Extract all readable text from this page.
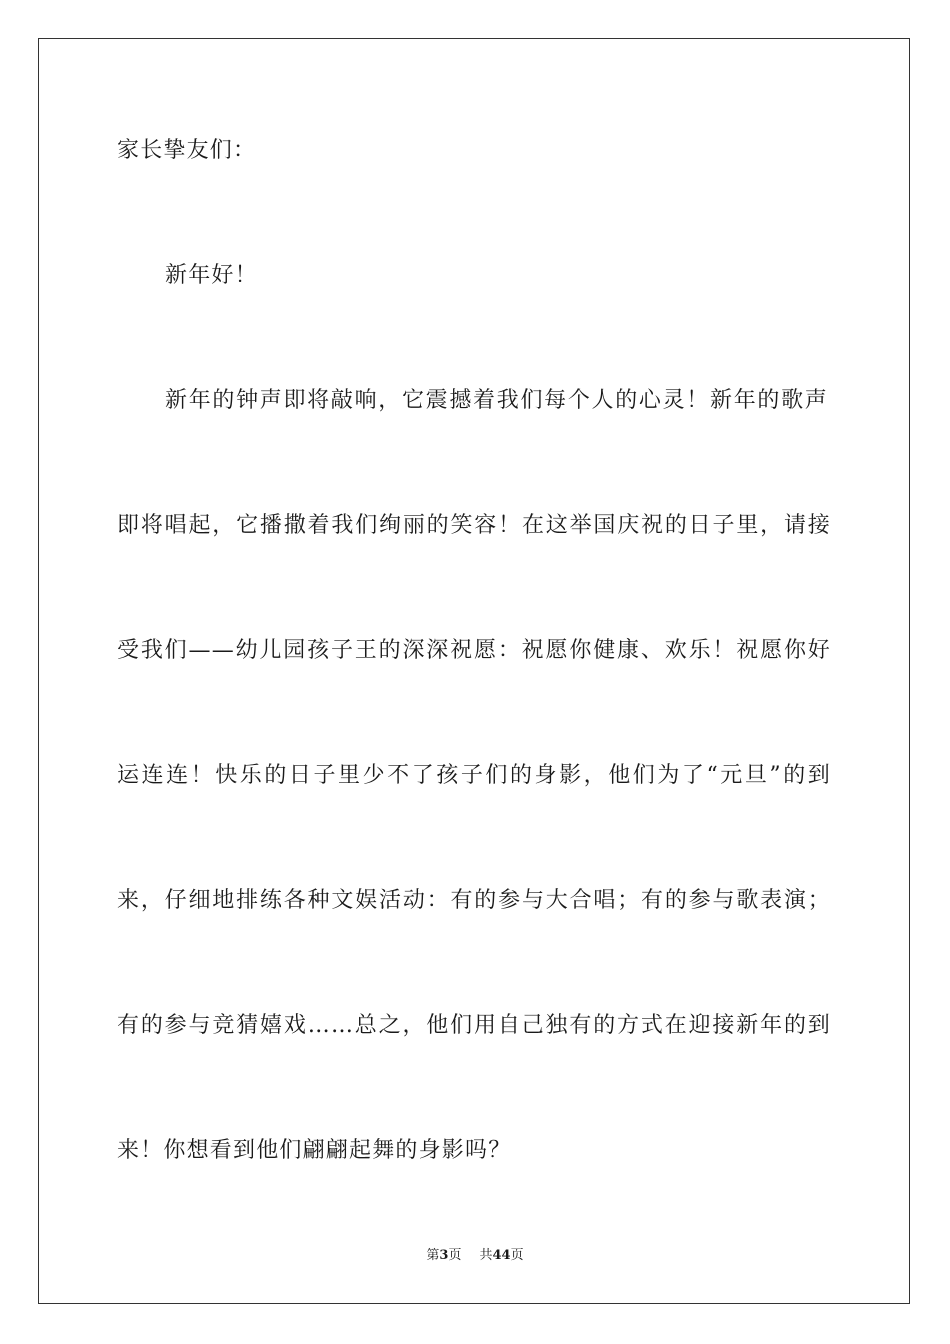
家长挚友们：
新年好！
新年的钟声即将敲响，它震撼着我们每个人的心灵！新年的歌声
即将唱起，它播撒着我们绚丽的笑容！在这举国庆祝的日子里，请接
受我们——幼儿园孩子王的深深祝愿：祝愿你健康、欢乐！祝愿你好
运连连！快乐的日子里少不了孩子们的身影，他们为了“元旦”的到
来，仔细地排练各种文娱活动：有的参与大合唱；有的参与歌表演；
有的参与竞猜嬉戏……总之，他们用自己独有的方式在迎接新年的到
来！你想看到他们翩翩起舞的身影吗？
第3页 共44页
